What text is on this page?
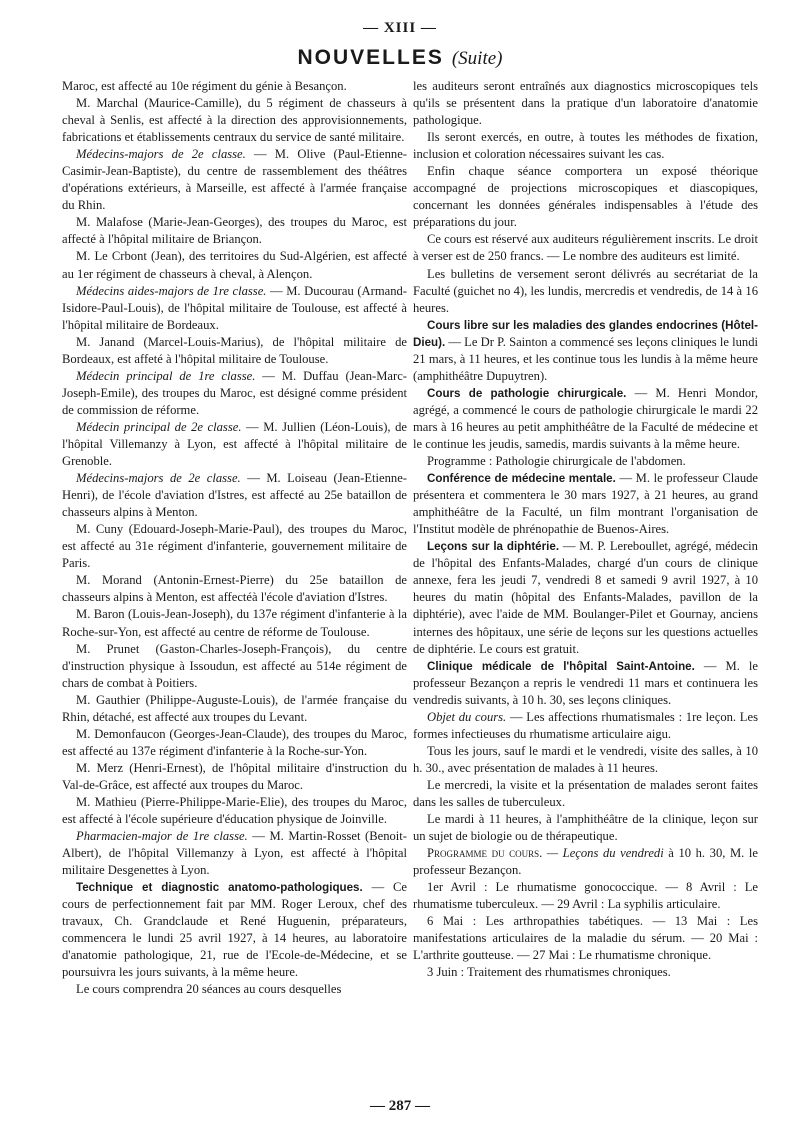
— XIII —
NOUVELLES (Suite)

Maroc, est affecté au 10e régiment du génie à Besançon.

M. Marchal (Maurice-Camille), du 5 régiment de chasseurs à cheval à Senlis, est affecté à la direction des approvisionnements, fabrications et établissements centraux du service de santé militaire.

Médecins-majors de 2e classe. — M. Olive (Paul-Etienne-Casimir-Jean-Baptiste), du centre de rassemblement des théâtres d'opérations extérieurs, à Marseille, est affecté à l'armée française du Rhin.

M. Malafose (Marie-Jean-Georges), des troupes du Maroc, est affecté à l'hôpital militaire de Briançon.

M. Le Crbont (Jean), des territoires du Sud-Algérien, est affecté au 1er régiment de chasseurs à cheval, à Alençon.

Médecins aides-majors de 1re classe. — M. Ducourau (Armand-Isidore-Paul-Louis), de l'hôpital militaire de Toulouse, est affecté à l'hôpital militaire de Bordeaux.

M. Janand (Marcel-Louis-Marius), de l'hôpital militaire de Bordeaux, est affeté à l'hôpital militaire de Toulouse.

Médecin principal de 1re classe. — M. Duffau (Jean-Marc-Joseph-Emile), des troupes du Maroc, est désigné comme président de commission de réforme.

Médecin principal de 2e classe. — M. Jullien (Léon-Louis), de l'hôpital Villemanzy à Lyon, est affecté à l'hôpital militaire de Grenoble.

Médecins-majors de 2e classe. — M. Loiseau (Jean-Etienne-Henri), de l'école d'aviation d'Istres, est affecté au 25e bataillon de chasseurs alpins à Menton.

M. Cuny (Edouard-Joseph-Marie-Paul), des troupes du Maroc, est affecté au 31e régiment d'infanterie, gouvernement militaire de Paris.

M. Morand (Antonin-Ernest-Pierre) du 25e bataillon de chasseurs alpins à Menton, est affectéà l'école d'aviation d'Istres.

M. Baron (Louis-Jean-Joseph), du 137e régiment d'infanterie à la Roche-sur-Yon, est affecté au centre de réforme de Toulouse.

M. Prunet (Gaston-Charles-Joseph-François), du centre d'instruction physique à Issoudun, est affecté au 514e régiment de chars de combat à Poitiers.

M. Gauthier (Philippe-Auguste-Louis), de l'armée française du Rhin, détaché, est affecté aux troupes du Levant.

M. Demonfaucon (Georges-Jean-Claude), des troupes du Maroc, est affecté au 137e régiment d'infanterie à la Roche-sur-Yon.

M. Merz (Henri-Ernest), de l'hôpital militaire d'instruction du Val-de-Grâce, est affecté aux troupes du Maroc.

M. Mathieu (Pierre-Philippe-Marie-Elie), des troupes du Maroc, est affecté à l'école supérieure d'éducation physique de Joinville.

Pharmacien-major de 1re classe. — M. Martin-Rosset (Benoit-Albert), de l'hôpital Villemanzy à Lyon, est affecté à l'hôpital militaire Desgenettes à Lyon.

Technique et diagnostic anatomo-pathologiques. — Ce cours de perfectionnement fait par MM. Roger Leroux, chef des travaux, Ch. Grandclaude et René Huguenin, préparateurs, commencera le lundi 25 avril 1927, à 14 heures, au laboratoire d'anatomie pathologique, 21, rue de l'Ecole-de-Médecine, et se poursuivra les jours suivants, à la même heure.

Le cours comprendra 20 séances au cours desquelles

les auditeurs seront entraînés aux diagnostics microscopiques tels qu'ils se présentent dans la pratique d'un laboratoire d'anatomie pathologique.

Ils seront exercés, en outre, à toutes les méthodes de fixation, inclusion et coloration nécessaires suivant les cas.

Enfin chaque séance comportera un exposé théorique accompagné de projections microscopiques et diascopiques, concernant les données générales indispensables à l'étude des préparations du jour.

Ce cours est réservé aux auditeurs régulièrement inscrits. Le droit à verser est de 250 francs. — Le nombre des auditeurs est limité.

Les bulletins de versement seront délivrés au secrétariat de la Faculté (guichet no 4), les lundis, mercredis et vendredis, de 14 à 16 heures.

Cours libre sur les maladies des glandes endocrines (Hôtel-Dieu). — Le Dr P. Sainton a commencé ses leçons cliniques le lundi 21 mars, à 11 heures, et les continue tous les lundis à la même heure (amphithéâtre Dupuytren).

Cours de pathologie chirurgicale. — M. Henri Mondor, agrégé, a commencé le cours de pathologie chirurgicale le mardi 22 mars à 16 heures au petit amphithéâtre de la Faculté de médecine et le continue les jeudis, samedis, mardis suivants à la même heure.

Programme : Pathologie chirurgicale de l'abdomen.

Conférence de médecine mentale. — M. le professeur Claude présentera et commentera le 30 mars 1927, à 21 heures, au grand amphithéâtre de la Faculté, un film montrant l'organisation de l'Institut modèle de phrénopathie de Buenos-Aires.

Leçons sur la diphtérie. — M. P. Lereboullet, agrégé, médecin de l'hôpital des Enfants-Malades, chargé d'un cours de clinique annexe, fera les jeudi 7, vendredi 8 et samedi 9 avril 1927, à 10 heures du matin (hôpital des Enfants-Malades, pavillon de la diphtérie), avec l'aide de MM. Boulanger-Pilet et Gournay, anciens internes des hôpitaux, une série de leçons sur les questions actuelles de diphtérie. Le cours est gratuit.

Clinique médicale de l'hôpital Saint-Antoine. — M. le professeur Bezançon a repris le vendredi 11 mars et continuera les vendredis suivants, à 10 h. 30, ses leçons cliniques.

Objet du cours. — Les affections rhumatismales : 1re leçon. Les formes infectieuses du rhumatisme articulaire aigu.

Tous les jours, sauf le mardi et le vendredi, visite des salles, à 10 h. 30., avec présentation de malades à 11 heures.

Le mercredi, la visite et la présentation de malades seront faites dans les salles de tuberculeux.

Le mardi à 11 heures, à l'amphithéâtre de la clinique, leçon sur un sujet de biologie ou de thérapeutique.

Programme du cours. — Leçons du vendredi à 10 h. 30, M. le professeur Bezançon.

1er Avril : Le rhumatisme gonococcique. — 8 Avril : Le rhumatisme tuberculeux. — 29 Avril : La syphilis articulaire.

6 Mai : Les arthropathies tabétiques. — 13 Mai : Les manifestations articulaires de la maladie du sérum. — 20 Mai : L'arthrite goutteuse. — 27 Mai : Le rhumatisme chronique.

3 Juin : Traitement des rhumatismes chroniques.

— 287 —
